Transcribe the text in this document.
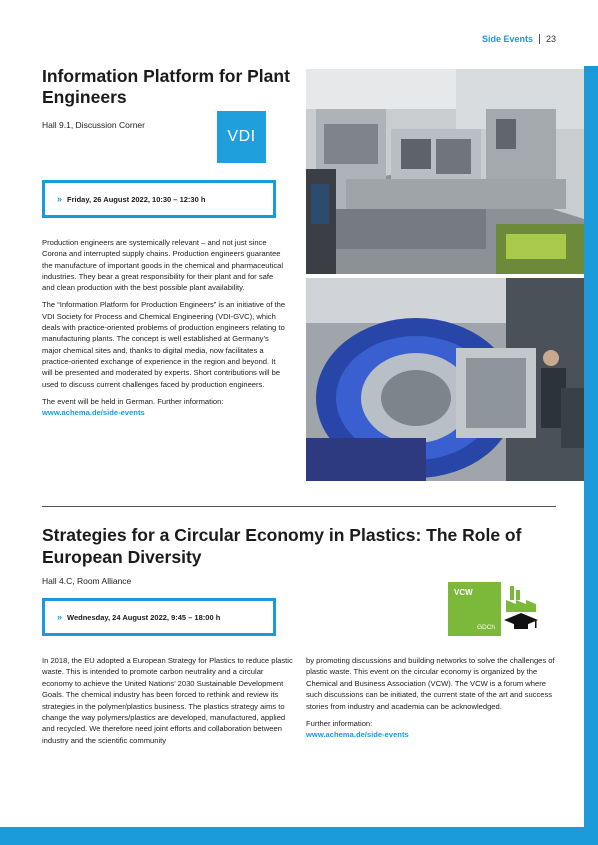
Side Events 23
Information Platform for Plant Engineers
Hall 9.1, Discussion Corner
VDI
» Friday, 26 August 2022, 10:30 – 12:30 h

Production engineers are systemically relevant – and not just since Corona and interrupted supply chains. Production engineers guarantee the manufacture of important goods in the chemical and pharmaceutical industries. They bear a great responsibility for their plant and for safe and clean production with the best possible plant availability.

The “Information Platform for Production Engineers” is an initiative of the VDI Society for Process and Chemical Engineering (VDI-GVC), which deals with practice-oriented problems of production engineers relating to manufacturing plants. The concept is well established at Germany’s major chemical sites and, thanks to digital media, now facilitates a practice-oriented exchange of experience in the region and beyond. It will be presented and moderated by experts. Short contributions will be used to discuss current challenges faced by production engineers.

The event will be held in German. Further information:

www.achema.de/side-events
Strategies for a Circular Economy in Plastics: The Role of European Diversity
Hall 4.C, Room Alliance
VCW
GDCh
» Wednesday, 24 August 2022, 9:45 – 18:00 h

In 2018, the EU adopted a European Strategy for Plastics to reduce plastic waste. This is intended to promote carbon neutrality and a circular economy to achieve the United Nations’ 2030 Sustainable Development Goals. The chemical industry has been forced to rethink and review its strategies in the polymer/plastics business. The plastics strategy aims to change the way polymers/plastics are developed, manufactured, applied and recycled. We therefore need joint efforts and collaboration between industry and the scientific community

by promoting discussions and building networks to solve the challenges of plastic waste. This event on the circular economy is organized by the Chemical and Business Association (VCW). The VCW is a forum where such discussions can be initiated, the current state of the art and success stories from industry and academia can be acknowledged.

Further information:
www.achema.de/side-events
